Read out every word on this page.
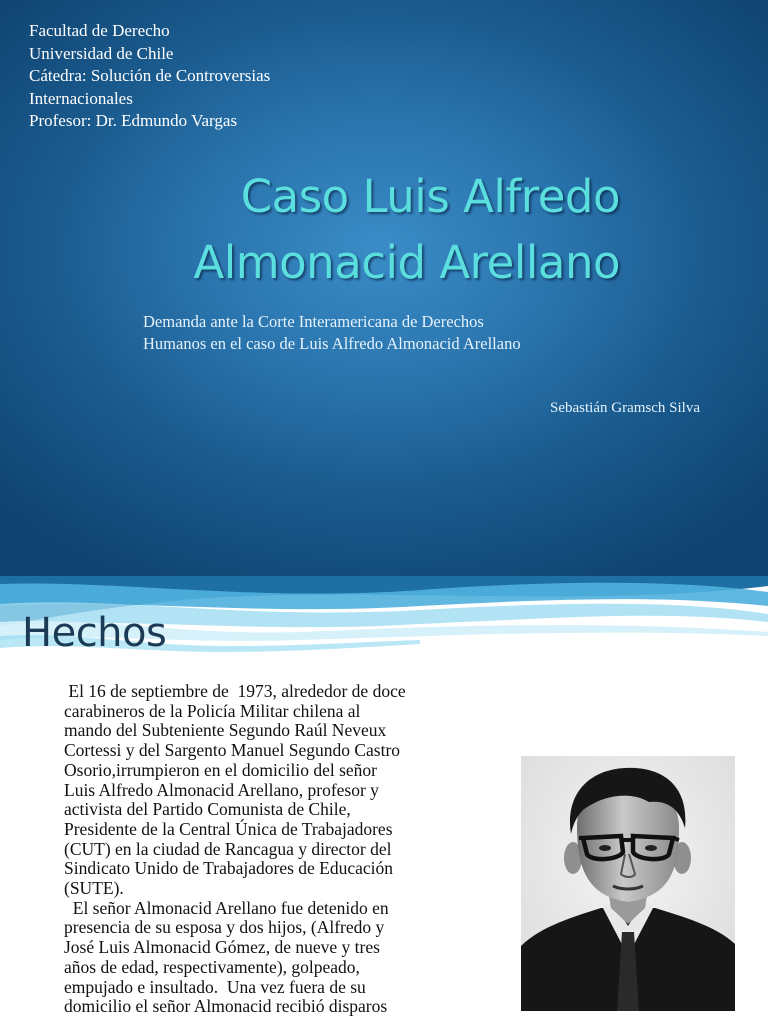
Facultad de Derecho
Universidad de Chile
Cátedra: Solución de Controversias
Internacionales
Profesor: Dr. Edmundo Vargas
Caso Luis Alfredo
Almonacid Arellano
Demanda ante la Corte Interamericana de Derechos
Humanos en el caso de Luis Alfredo Almonacid Arellano
Sebastián Gramsch Silva
Hechos
El 16 de septiembre de  1973, alrededor de doce
carabineros de la Policía Militar chilena al
mando del Subteniente Segundo Raúl Neveux
Cortessi y del Sargento Manuel Segundo Castro
Osorio,irrumpieron en el domicilio del señor
Luis Alfredo Almonacid Arellano, profesor y
activista del Partido Comunista de Chile,
Presidente de la Central Única de Trabajadores
(CUT) en la ciudad de Rancagua y director del
Sindicato Unido de Trabajadores de Educación
(SUTE).
El señor Almonacid Arellano fue detenido en
presencia de su esposa y dos hijos, (Alfredo y
José Luis Almonacid Gómez, de nueve y tres
años de edad, respectivamente), golpeado,
empujado e insultado.  Una vez fuera de su
domicilio el señor Almonacid recibió disparos
